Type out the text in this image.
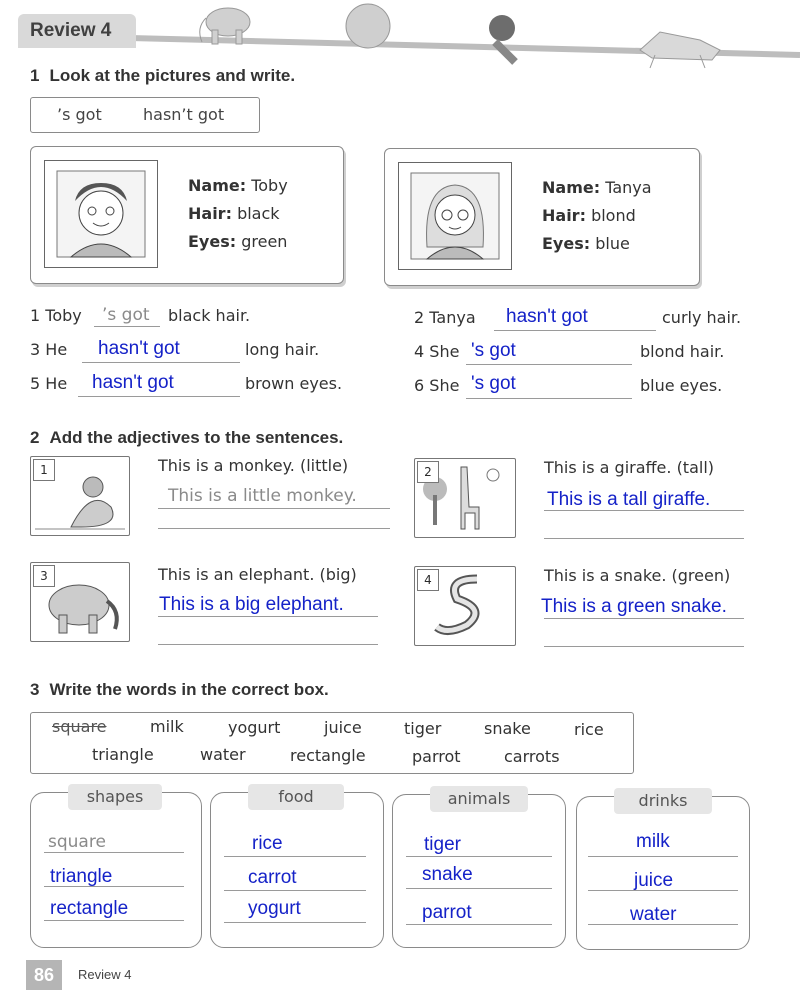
Review 4
1 Look at the pictures and write.
’s got	hasn’t got
Name: Toby
Hair: black
Eyes: green
Name: Tanya
Hair: blond
Eyes: blue
1 Toby ’s got black hair.	2 Tanya hasn't got	curly hair.
3 He hasn't got	long hair.	4 She 's got	blond hair.
5 He hasn't got	brown eyes.	6 She 's got	blue eyes.
2 Add the adjectives to the sentences.
1	This is a monkey. (little)
This is a little monkey.
2	This is a giraffe. (tall)
This is a tall giraffe.
3	This is an elephant. (big)
This is a big elephant.
4	This is a snake. (green)
This is a green snake.
3 Write the words in the correct box.
square	milk	yogurt	juice	tiger	snake	rice
triangle	water	rectangle	parrot	carrots
shapes
square
triangle
rectangle
food
rice
carrot
yogurt
animals
tiger
snake
parrot
drinks
milk
juice
water
86	Review 4
